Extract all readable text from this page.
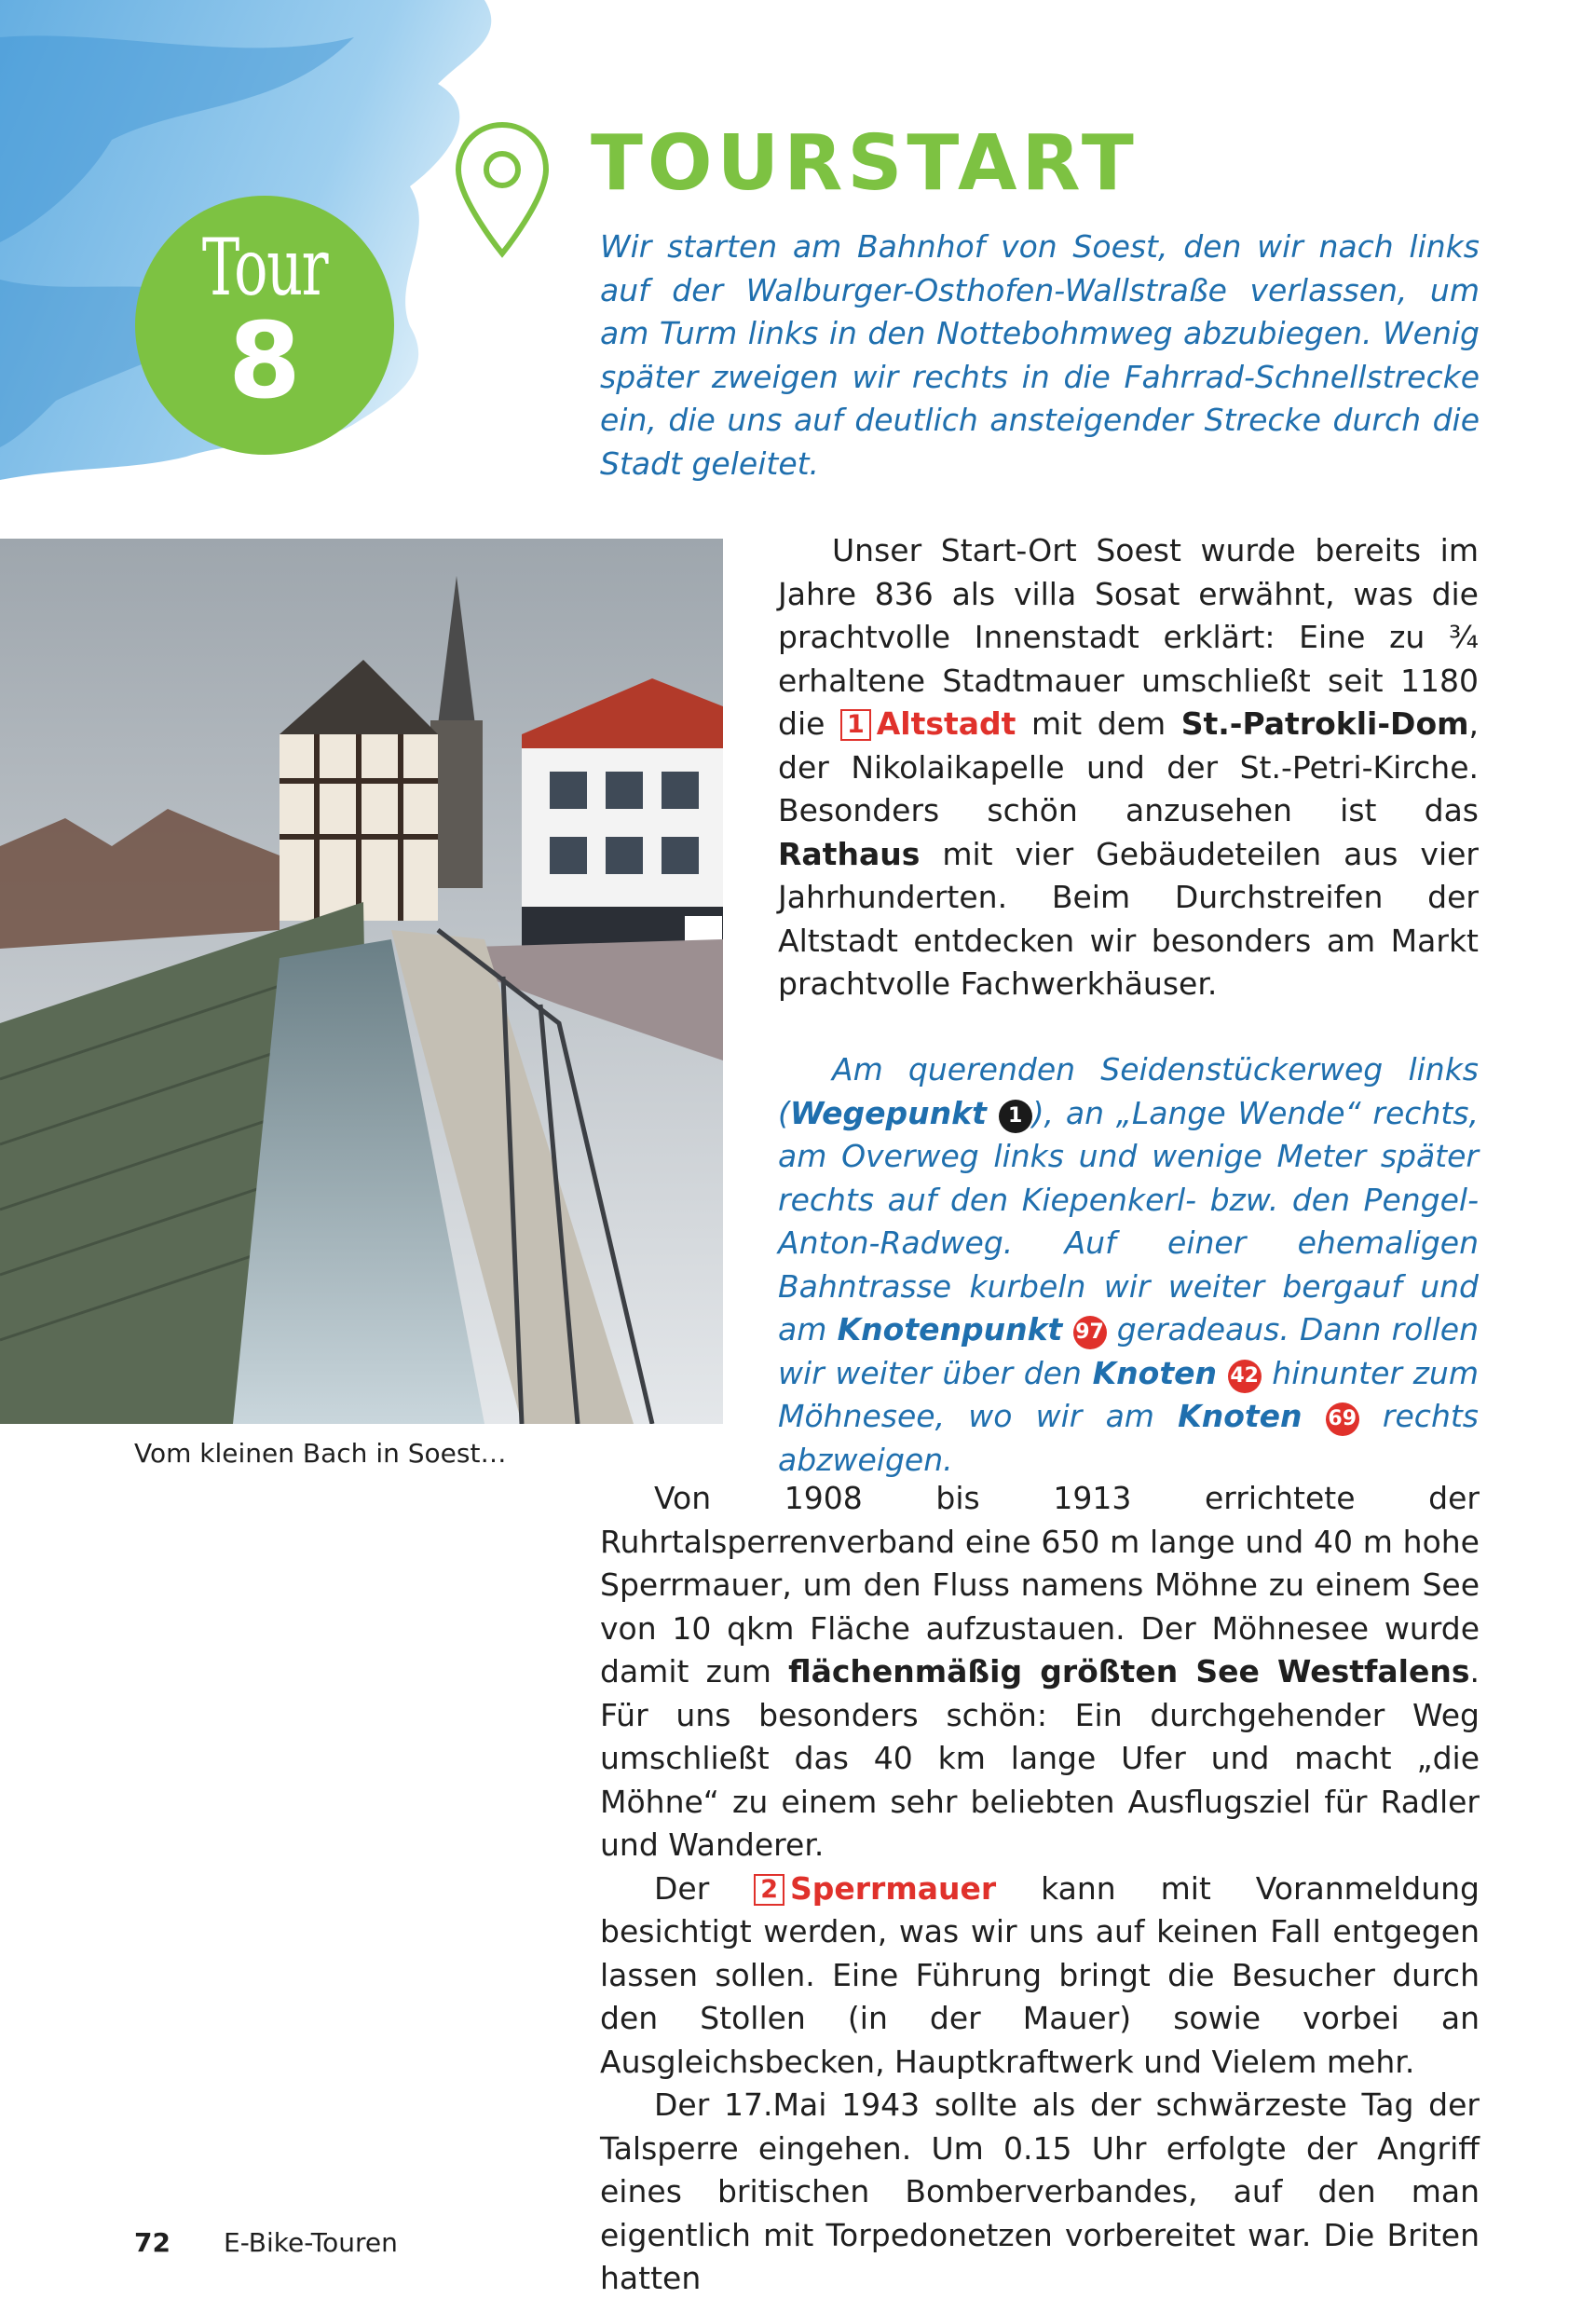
Tour
8
TOURSTART

Wir starten am Bahnhof von Soest, den wir nach links auf der Walburger-Osthofen-Wallstraße verlassen, um am Turm links in den Nottebohmweg abzubiegen. Wenig später zweigen wir rechts in die Fahrrad-Schnellstrecke ein, die uns auf deutlich ansteigender Strecke durch die Stadt geleitet.

Unser Start-Ort Soest wurde bereits im Jahre 836 als villa Sosat erwähnt, was die prachtvolle Innenstadt erklärt: Eine zu ¾ erhaltene Stadtmauer umschließt seit 1180 die 1 Altstadt mit dem St.-Patrokli-Dom, der Nikolaikapelle und der St.-Petri-Kirche. Besonders schön anzusehen ist das Rathaus mit vier Gebäudeteilen aus vier Jahrhunderten. Beim Durchstreifen der Altstadt entdecken wir besonders am Markt prachtvolle Fachwerkhäuser.
Am querenden Seidenstückerweg links (Wegepunkt 1 ), an „Lange Wende“ rechts, am Overweg links und wenige Meter später rechts auf den Kiepenkerl- bzw. den Pengel-Anton-Radweg. Auf einer ehemaligen Bahntrasse kurbeln wir weiter bergauf und am Knotenpunkt 97 geradeaus. Dann rollen wir weiter über den Knoten 42 hinunter zum Möhnesee, wo wir am Knoten 69 rechts abzweigen.
Vom kleinen Bach in Soest…
Von 1908 bis 1913 errichtete der Ruhrtalsperrenverband eine 650 m lange und 40 m hohe Sperrmauer, um den Fluss namens Möhne zu einem See von 10 qkm Fläche aufzustauen. Der Möhnesee wurde damit zum flächenmäßig größten See Westfalens. Für uns besonders schön: Ein durchgehender Weg umschließt das 40 km lange Ufer und macht „die Möhne“ zu einem sehr beliebten Ausflugsziel für Radler und Wanderer.
Der 2 Sperrmauer kann mit Voranmeldung besichtigt werden, was wir uns auf keinen Fall entgegen lassen sollen. Eine Führung bringt die Besucher durch den Stollen (in der Mauer) sowie vorbei an Ausgleichsbecken, Hauptkraftwerk und Vielem mehr.
Der 17.Mai 1943 sollte als der schwärzeste Tag der Talsperre eingehen. Um 0.15 Uhr erfolgte der Angriff eines britischen Bomberverbandes, auf den man eigentlich mit Torpedonetzen vorbereitet war. Die Briten hatten
72 E-Bike-Touren
